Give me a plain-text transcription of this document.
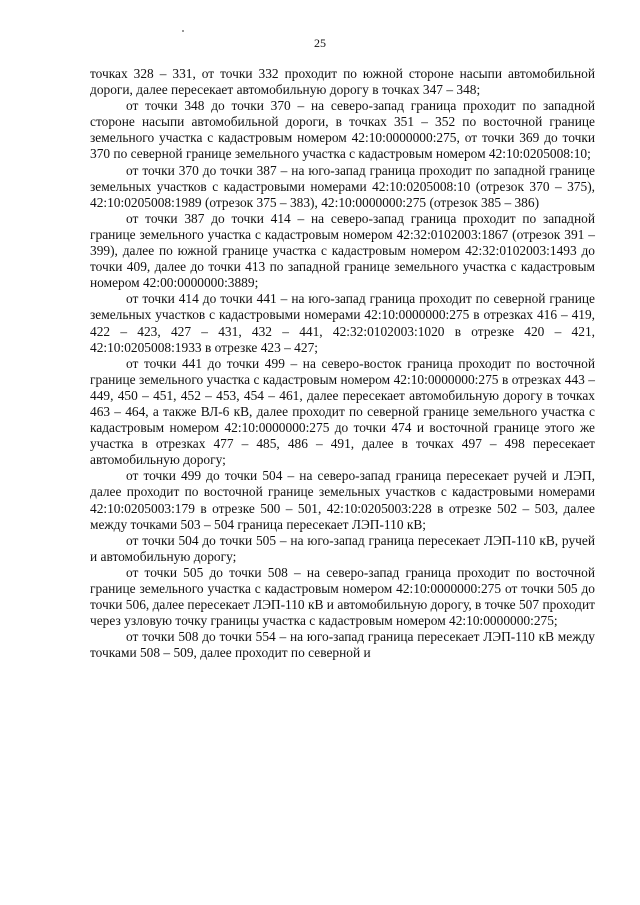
25

точках 328 – 331, от точки 332 проходит по южной стороне насыпи автомобильной дороги, далее пересекает автомобильную дорогу в точках 347 – 348;

от точки 348 до точки 370 – на северо-запад граница проходит по западной стороне насыпи автомобильной дороги, в точках 351 – 352 по восточной границе земельного участка с кадастровым номером 42:10:0000000:275, от точки 369 до точки 370 по северной границе земельного участка с кадастровым номером 42:10:0205008:10;

от точки 370 до точки 387 – на юго-запад граница проходит по западной границе земельных участков с кадастровыми номерами 42:10:0205008:10 (отрезок 370 – 375), 42:10:0205008:1989 (отрезок 375 – 383), 42:10:0000000:275 (отрезок 385 – 386)

от точки 387 до точки 414 – на северо-запад граница проходит по западной границе земельного участка с кадастровым номером 42:32:0102003:1867 (отрезок 391 – 399), далее по южной границе участка с кадастровым номером 42:32:0102003:1493 до точки 409, далее до точки 413 по западной границе земельного участка с кадастровым номером 42:00:0000000:3889;

от точки 414 до точки 441 – на юго-запад граница проходит по северной границе земельных участков с кадастровыми номерами 42:10:0000000:275 в отрезках 416 – 419, 422 – 423, 427 – 431, 432 – 441, 42:32:0102003:1020 в отрезке 420 – 421, 42:10:0205008:1933 в отрезке 423 – 427;

от точки 441 до точки 499 – на северо-восток граница проходит по восточной границе земельного участка с кадастровым номером 42:10:0000000:275 в отрезках 443 – 449, 450 – 451, 452 – 453, 454 – 461, далее пересекает автомобильную дорогу в точках 463 – 464, а также ВЛ-6 кВ, далее проходит по северной границе земельного участка с кадастровым номером 42:10:0000000:275 до точки 474 и восточной границе этого же участка в отрезках 477 – 485, 486 – 491, далее в точках 497 – 498 пересекает автомобильную дорогу;

от точки 499 до точки 504 – на северо-запад граница пересекает ручей и ЛЭП, далее проходит по восточной границе земельных участков с кадастровыми номерами 42:10:0205003:179 в отрезке 500 – 501, 42:10:0205003:228 в отрезке 502 – 503, далее между точками 503 – 504 граница пересекает ЛЭП-110 кВ;

от точки 504 до точки 505 – на юго-запад граница пересекает ЛЭП-110 кВ, ручей и автомобильную дорогу;

от точки 505 до точки 508 – на северо-запад граница проходит по восточной границе земельного участка с кадастровым номером 42:10:0000000:275 от точки 505 до точки 506, далее пересекает ЛЭП-110 кВ и автомобильную дорогу, в точке 507 проходит через узловую точку границы участка с кадастровым номером 42:10:0000000:275;

от точки 508 до точки 554 – на юго-запад граница пересекает ЛЭП-110 кВ между точками 508 – 509, далее проходит по северной и
